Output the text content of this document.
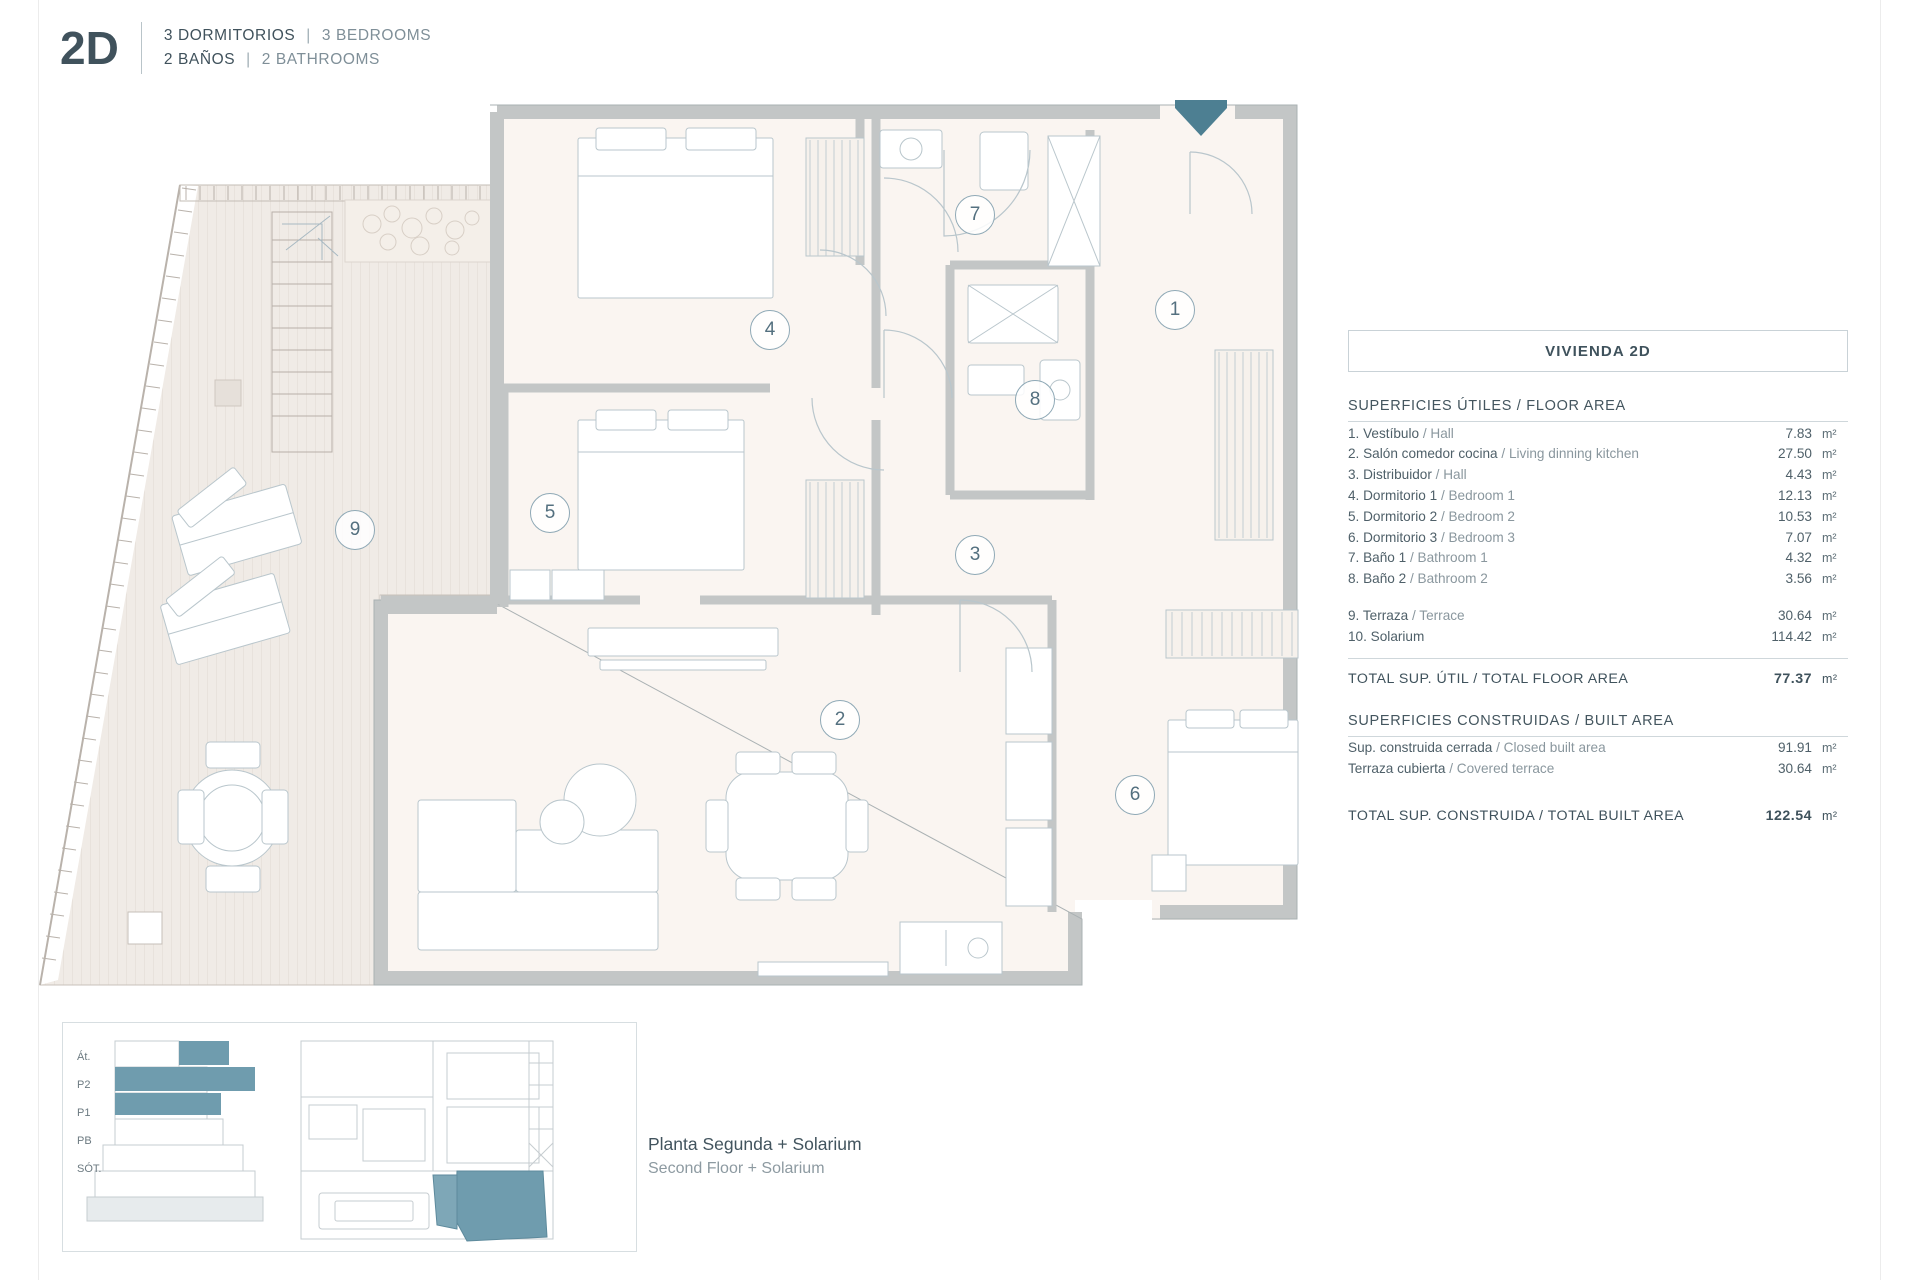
2D	3 DORMITORIOS | 3 BEDROOMS
2 BAÑOS | 2 BATHROOMS
1
2
3
4
5
6
7
8
9
VIVIENDA 2D
SUPERFICIES ÚTILES / FLOOR AREA
1. Vestíbulo / Hall	7.83 m²
2. Salón comedor cocina / Living dinning kitchen	27.50 m²
3. Distribuidor / Hall	4.43 m²
4. Dormitorio 1 / Bedroom 1	12.13 m²
5. Dormitorio 2 / Bedroom 2	10.53 m²
6. Dormitorio 3 / Bedroom 3	7.07 m²
7. Baño 1 / Bathroom 1	4.32 m²
8. Baño 2 / Bathroom 2	3.56 m²
9. Terraza / Terrace	30.64 m²
10. Solarium	114.42 m²
TOTAL SUP. ÚTIL / TOTAL FLOOR AREA	77.37 m²
SUPERFICIES CONSTRUIDAS / BUILT AREA
Sup. construida cerrada / Closed built area	91.91 m²
Terraza cubierta / Covered terrace	30.64 m²
TOTAL SUP. CONSTRUIDA / TOTAL BUILT AREA	122.54 m²
Át.
P2
P1
PB
SÓT.
Planta Segunda + Solarium
Second Floor + Solarium
